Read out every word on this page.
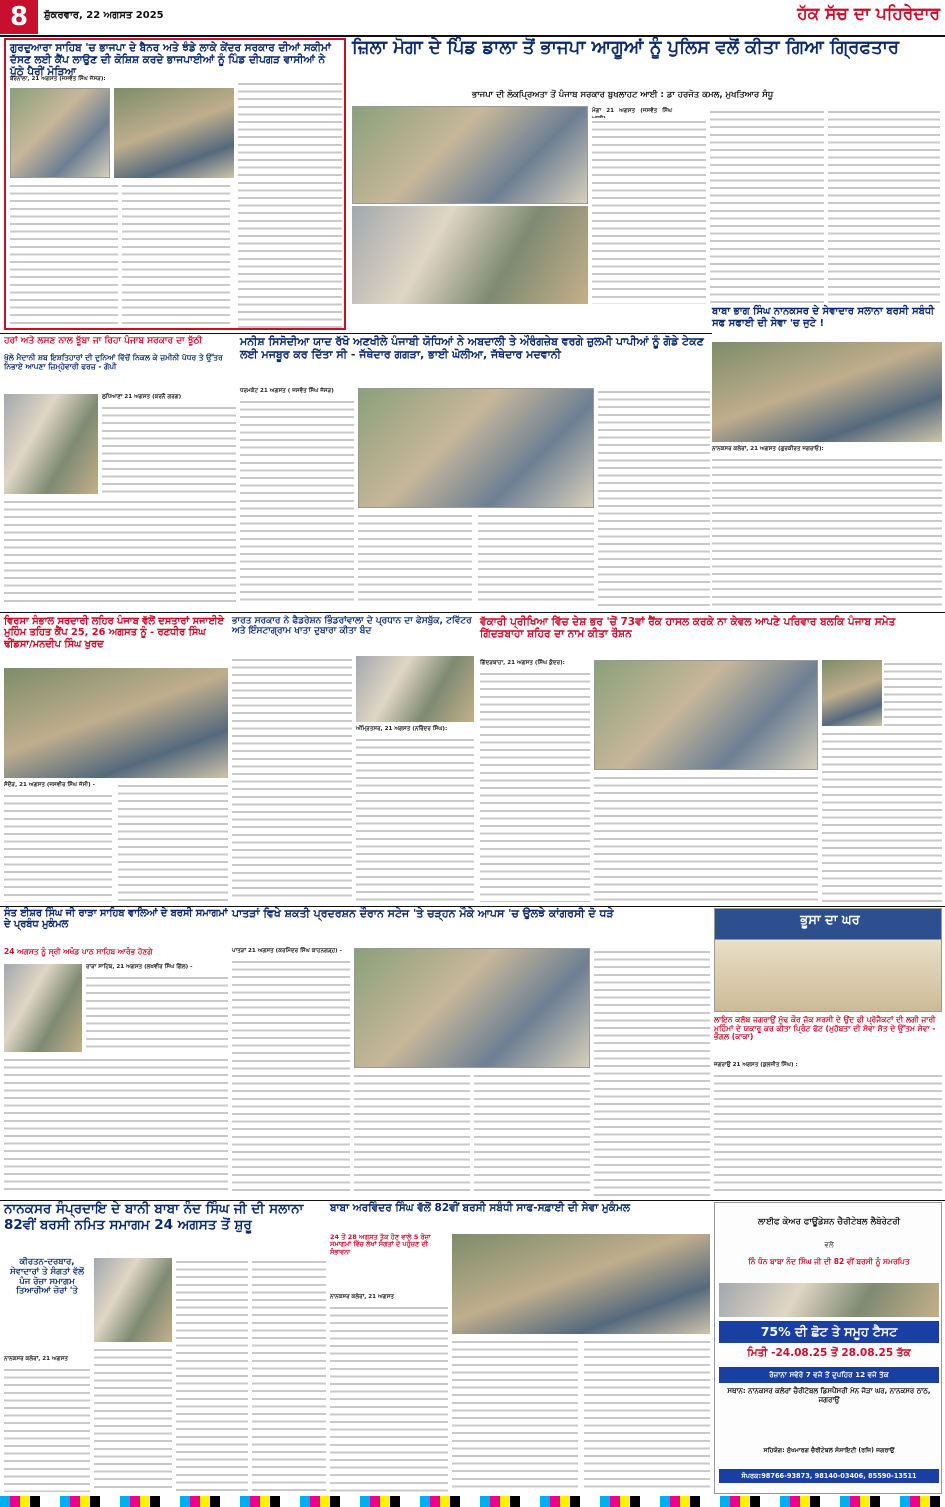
8	ਸ਼ੁੱਕਰਵਾਰ, 22 ਅਗਸਤ 2025	ਹੱਕ ਸੱਚ ਦਾ ਪਹਿਰੇਦਾਰ
ਗੁਰਦੁਆਰਾ ਸਾਹਿਬ 'ਚ ਭਾਜਪਾ ਦੇ ਬੈਨਰ ਅਤੇ ਝੰਡੇ ਲਾਕੇ ਕੇਂਦਰ ਸਰਕਾਰ ਦੀਆਂ ਸਕੀਮਾਂ ਦੱਸਣ ਲਈ ਕੈਂਪ ਲਾਉਣ ਦੀ ਕੋਸ਼ਿਸ਼ ਕਰਦੇ ਭਾਜਪਾਈਆਂ ਨੂੰ ਪਿੰਡ ਦੀਪਗੜ ਵਾਸੀਆਂ ਨੇ ਪੁੱਠੇ ਪੈਰੀਂ ਮੋੜਿਆ
ਬਰਨਾਲਾ, 21 ਅਗਸਤ (ਜਸਵੰਤ ਸਿੰਘ ਜੱਸੜ):
ਜ਼ਿਲਾ ਮੋਗਾ ਦੇ ਪਿੰਡ ਡਾਲਾ ਤੋਂ ਭਾਜਪਾ ਆਗੂਆਂ ਨੂੰ ਪੁਲਿਸ ਵਲੋਂ ਕੀਤਾ ਗਿਆ ਗ੍ਰਿਫਤਾਰ
ਭਾਜਪਾ ਦੀ ਲੋਕਪ੍ਰਿਅਤਾ ਤੋਂ ਪੰਜਾਬ ਸਰਕਾਰ ਬੁਖਲਾਹਟ ਆਈ : ਡਾ ਹਰਜੋਤ ਕਮਲ, ਮੁਖਤਿਆਰ ਸੰਧੂ
ਮੋਗਾ 21 ਅਗਸਤ (ਜਸਵੰਤ ਸਿੰਘ
ਬਾਬਾ ਭਾਗ ਸਿੰਘ ਨਾਨਕਸਰ ਦੇ ਸੇਵਾਦਾਰ ਸਲਾਨਾ ਬਰਸੀ ਸਬੰਧੀ ਸਫ ਸਫਾਈ ਦੀ ਸੇਵਾ 'ਚ ਜੁਟੇ !
ਨਾਨਕਸਰ ਕਲੇਰਾਂ, 21 ਅਗਸਤ (ਗੁਰਕੀਰਤ ਜਗਰਾਓ):
ਹਰਾਂ ਅਤੇ ਲਸਣ ਨਾਲ ਝੂੱਬਾ ਜਾ ਰਿਹਾ ਪੰਜਾਬ ਸਰਕਾਰ ਦਾ ਝੂੱਠੀ
ਖੁੱਲੇ ਮੈਦਾਨੀ ਸ਼ਬ ਇਸ਼ਤਿਹਾਰਾਂ ਦੀ ਦੁਨਿਆਂ ਵਿੱਚੋਂ ਨਿਕਲ ਕੇ ਜ਼ਮੀਨੀ ਪੱਧਰ ਤੇ ਉੱਤਰ ਨਿਭਾਏ ਆਪਣਾ ਜ਼ਿਮ੍ਹੇਵਾਰੀ ਫਰਜ਼ - ਗੋਪੀ
ਲੁਧਿਆਣਾ 21 ਅਗਸਤ (ਕਰਨੈ ਗਰਗ)
ਮਨੀਸ਼ ਸਿਸੋਦੀਆ ਯਾਦ ਰੱਖੋ ਅਣਖੀਲੇ ਪੰਜਾਬੀ ਯੋਧਿਆਂ ਨੇ ਅਬਦਾਲੀ ਤੇ ਔਰੰਗਜ਼ੇਬ ਵਰਗੇ ਜ਼ੁਲਮੀ ਪਾਪੀਆਂ ਨੂੰ ਗੋਡੇ ਟੇਕਣ ਲਈ ਮਜਬੂਰ ਕਰ ਦਿੱਤਾ ਸੀ - ਜੱਥੇਦਾਰ ਗਗੜਾ, ਭਾਈ ਘੋਲੀਆ, ਜੱਥੇਦਾਰ ਮਦਵਾਨੀ
ਧਰਮਕੋਟ 21 ਅਗਸਤ ( ਜਸਵੰਤ ਸਿੰਘ ਜੱਸੜ)
ਵਿਰਸਾ ਸੰਭਾਲ ਸਰਦਾਰੀ ਲਹਿਰ ਪੰਜਾਬ ਵੱਲੋਂ ਦਸਤਾਰਾਂ ਸਜਾਈਏ ਮੁਹਿੰਮ ਤਹਿਤ ਕੈਂਪ 25, 26 ਅਗਸਤ ਨੂੰ - ਰਣਧੀਰ ਸਿੰਘ ਢੀਂਡਸਾ/ਮਨਦੀਪ ਸਿੰਘ ਖੁਰਦ
ਸੰਦੌੜ, 21 ਅਗਸਤ (ਜਸਵੀਰ ਸਿੰਘ ਜੱਸੀ) -
ਭਾਰਤ ਸਰਕਾਰ ਨੇ ਫੈਡਰੇਸ਼ਨ ਭਿੰਡਰਾਂਵਾਲਾ ਦੇ ਪ੍ਰਧਾਨ ਦਾ ਫੇਸਬੁੱਕ, ਟਵਿੱਟਰ ਅਤੇ ਇੰਸਟਾਗ੍ਰਾਮ ਖਾਤਾ ਦੁਬਾਰਾ ਕੀਤਾ ਬੰਦ
ਅੰਮ੍ਰਿਤਸਰ, 21 ਅਗਸਤ (ਨਰਿੰਦਰ ਸਿੰਘ):
ਵੱਕਾਰੀ ਪ੍ਰੀਖਿਆ ਵਿੱਚ ਦੇਸ਼ ਭਰ 'ਚੋਂ 73ਵਾਂ ਰੈਂਕ ਹਾਸਲ ਕਰਕੇ ਨਾ ਕੇਵਲ ਆਪਣੇ ਪਰਿਵਾਰ ਬਲਕਿ ਪੰਜਾਬ ਸਮੇਤ ਗਿੱਦੜਬਾਹਾ ਸ਼ਹਿਰ ਦਾ ਨਾਮ ਕੀਤਾ ਰੌਸ਼ਨ
ਗਿੱਦੜਬਾਹਾ, 21 ਅਗਸਤ (ਸਿੰਘ ਕੁੰਦਰ):
ਸੰਤ ਈਸ਼ਰ ਸਿੰਘ ਜੀ ਰਾੜਾ ਸਾਹਿਬ ਵਾਲਿਆਂ ਦੇ ਬਰਸੀ ਸਮਾਗਮਾਂ ਦੇ ਪ੍ਰਬੰਧ ਮੁਕੰਮਲ
24 ਅਗਸਤ ਨੂੰ ਸ੍ਰੀ ਅਖੰਡ ਪਾਠ ਸਾਹਿਬ ਆਰੰਭ ਹੋਣਗੇ
ਰਾੜਾ ਸਾਹਿਬ, 21 ਅਗਸਤ (ਲਖਵੀਰ ਸਿੰਘ ਗਿੱਲ) -
ਪਾਤੜਾਂ ਵਿਖੇ ਸ਼ਕਤੀ ਪ੍ਰਦਰਸ਼ਨ ਦੌਰਾਨ ਸਟੇਜ 'ਤੇ ਚੜ੍ਹਨ ਮੌਕੇ ਆਪਸ 'ਚ ਉਲਝੇ ਕਾਂਗਰਸੀ ਦੋ ਧੜੇ
ਪਾਤੜਾਂ 21 ਅਗਸਤ (ਕਰਮਿੰਦਰ ਸਿੰਘ ਕਾਹਨਗੜ੍ਹ) -
ਭੂਸਾ ਦਾ ਘਰ
ਲਾਇਨ ਕਲੱਬ ਜਗਰਾਉਂ ਮੁੱਢ ਕੌਰ ਜੱਕ ਸਰਸੀ ਦੇ ਉਂਦ ਫੀ ਪ੍ਰੋਜੈਕਟਾਂ ਦੀ ਲਗੀ ਜਾਰੀ ਮੁਹਿੰਮਾਂ ਦੇ ਯਕਾਰੂ ਕਰ ਕੀਤਾ ਪ੍ਰਿੰਟ ਫੱਟ (ਮੁਹੱਬਤਾ ਦੀ ਸੋਵਾ ਸੱਤ ਦੇ ਉੱਤਮ ਸੇਵਾ - ਭੋਗਲ (ਕਾਕਾ)
ਜਗਰਾਉਂ 21 ਅਗਸਤ (ਕੁਲਜੀਤ ਸਿੰਘ) :
ਨਾਨਕਸਰ ਸੰਪ੍ਰਦਾਇ ਦੇ ਬਾਨੀ ਬਾਬਾ ਨੰਦ ਸਿੰਘ ਜੀ ਦੀ ਸਲਾਨਾ 82ਵੀਂ ਬਰਸੀ ਨਮਿਤ ਸਮਾਗਮ 24 ਅਗਸਤ ਤੋਂ ਸ਼ੁਰੂ
ਕੀਰਤਨ-ਦਰਬਾਰ, ਸੇਵਾਦਾਰਾਂ ਤੇ ਸੰਗਤਾਂ ਵੱਲੋਂ ਪੰਜ ਰੋਜ਼ਾ ਸਮਾਗਮ ਤਿਆਰੀਆਂ ਜ਼ੋਰਾਂ 'ਤੇ
ਨਾਨਕਸਰ ਕਲੇਰਾਂ, 21 ਅਗਸਤ
ਬਾਬਾ ਅਰਵਿੰਦਰ ਸਿੰਘ ਵੱਲੋਂ 82ਵੀਂ ਬਰਸੀ ਸਬੰਧੀ ਸਾਫ-ਸਫ਼ਾਈ ਦੀ ਸੇਵਾ ਮੁਕੰਮਲ
24 ਤੋਂ 28 ਅਗਸਤ ਤੱਕ ਹੋਣ ਵਾਲੇ 5 ਰੋਜ਼ਾ ਸਮਾਗਮਾਂ ਵਿੱਚ ਲੱਖਾਂ ਸੰਗਤਾਂ ਦੇ ਪਹੁੰਚਣ ਦੀ ਸੰਭਾਵਨਾ
ਨਾਨਕਸਰ ਕਲੇਰਾਂ, 21 ਅਗਸਤ
ਲਾਈਫ ਕੇਅਰ ਫਾਊਂਡੇਸ਼ਨ ਚੈਰੀਟੇਬਲ ਲੈਬੋਰੇਟਰੀ
ਵਲੋਂ
ਨਿੰ ਧੰਨ ਬਾਬਾ ਨੰਦ ਸਿੰਘ ਜੀ ਦੀ 82 ਵੀਂ ਬਰਸੀ ਨੂੰ ਸਮਰਪਿਤ
75% ਦੀ ਛੋਟ ਤੇ ਸਮੂਹ ਟੈਸਟ
ਮਿਤੀ -24.08.25 ਤੋਂ 28.08.25 ਤੱਕ
ਰੋਜ਼ਾਨਾ ਸਵੇਰੇ 7 ਵਜੇ ਤੋਂ ਦੁਪਹਿਰ 12 ਵਜੇ ਤੱਕ
ਸਥਾਨ: ਨਾਨਕਸਰ ਕਲੇਰਾਂ ਚੈਰੀਟੇਬਲ ਡਿਸਪੈਂਸਰੀ ਮੇਨ ਜੋੜਾ ਘਰ, ਨਾਨਕਸਰ ਠਾਠ, ਜਗਰਾਉਂ
ਸਹਿਯੋਗ: ਸੁੱਖਮਾਰਗ ਚੈਰੀਟੇਬਲ ਸੋਸਾਇਟੀ (ਰਜਿ) ਜਗਰਾਉਂ
ਸੰਪਰਕ:98766-93873, 98140-03406, 85590-13511
